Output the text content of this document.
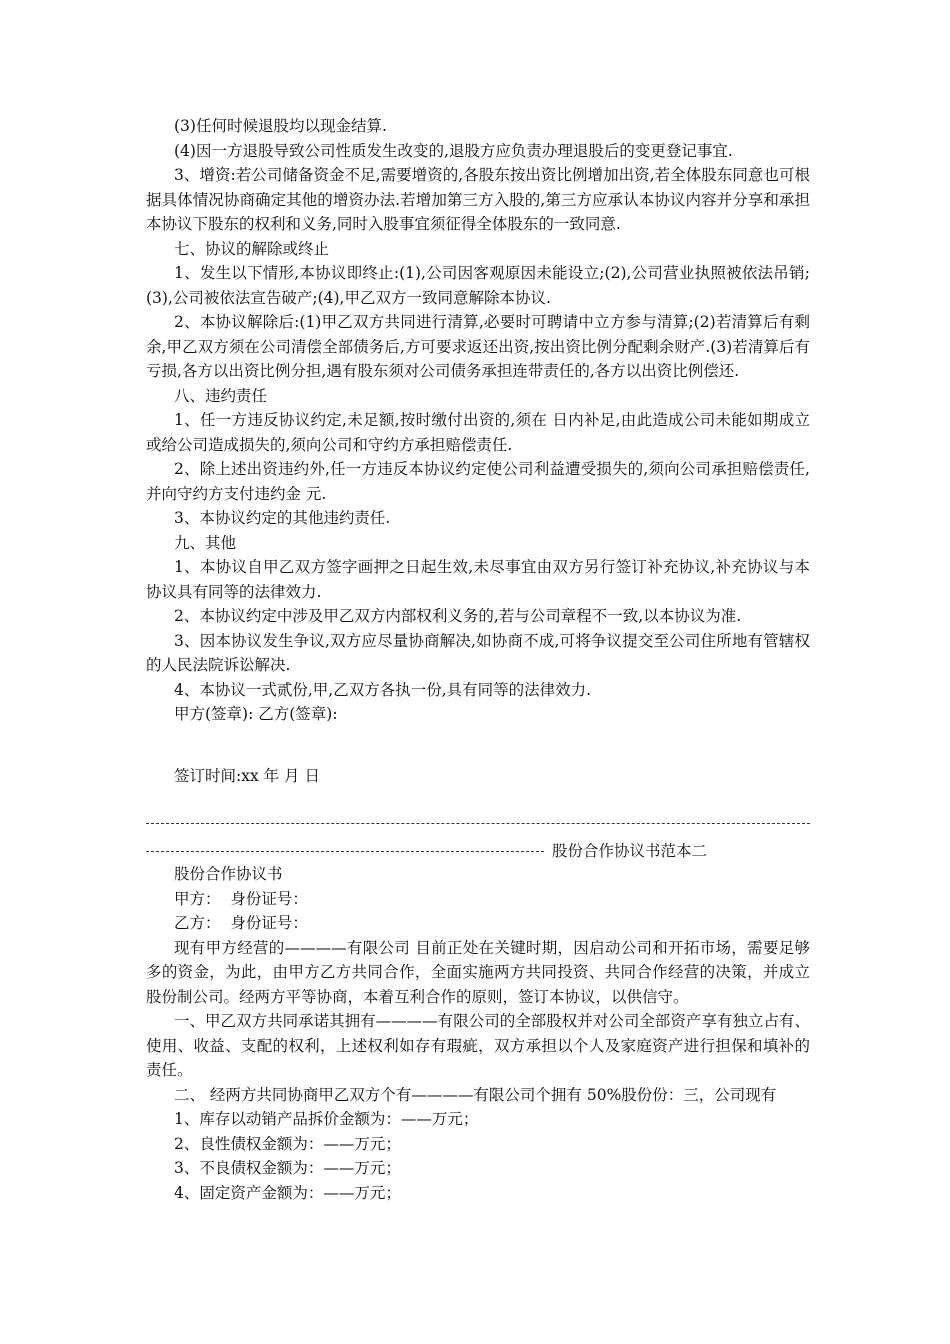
(3)任何时候退股均以现金结算.

(4)因一方退股导致公司性质发生改变的,退股方应负责办理退股后的变更登记事宜.

3、增资:若公司储备资金不足,需要增资的,各股东按出资比例增加出资,若全体股东同意也可根据具体情况协商确定其他的增资办法.若增加第三方入股的,第三方应承认本协议内容并分享和承担本协议下股东的权利和义务,同时入股事宜须征得全体股东的一致同意.

七、协议的解除或终止

1、发生以下情形,本协议即终止:(1),公司因客观原因未能设立;(2),公司营业执照被依法吊销;(3),公司被依法宣告破产;(4),甲乙双方一致同意解除本协议.

2、本协议解除后:(1)甲乙双方共同进行清算,必要时可聘请中立方参与清算;(2)若清算后有剩余,甲乙双方须在公司清偿全部债务后,方可要求返还出资,按出资比例分配剩余财产.(3)若清算后有亏损,各方以出资比例分担,遇有股东须对公司债务承担连带责任的,各方以出资比例偿还.

八、违约责任

1、任一方违反协议约定,未足额,按时缴付出资的,须在 日内补足,由此造成公司未能如期成立或给公司造成损失的,须向公司和守约方承担赔偿责任.

2、除上述出资违约外,任一方违反本协议约定使公司利益遭受损失的,须向公司承担赔偿责任,并向守约方支付违约金 元.

3、本协议约定的其他违约责任.

九、其他

1、本协议自甲乙双方签字画押之日起生效,未尽事宜由双方另行签订补充协议,补充协议与本协议具有同等的法律效力.

2、本协议约定中涉及甲乙双方内部权利义务的,若与公司章程不一致,以本协议为准.

3、因本协议发生争议,双方应尽量协商解决,如协商不成,可将争议提交至公司住所地有管辖权的人民法院诉讼解决.

4、本协议一式贰份,甲,乙双方各执一份,具有同等的法律效力.

甲方(签章): 乙方(签章):

签订时间:xx 年 月 日

股份合作协议书范本二

股份合作协议书

甲方：  身份证号：

乙方：  身份证号：

现有甲方经营的————有限公司 目前正处在关键时期，因启动公司和开拓市场，需要足够多的资金，为此，由甲方乙方共同合作，全面实施两方共同投资、共同合作经营的决策，并成立股份制公司。经两方平等协商，本着互利合作的原则，签订本协议，以供信守。

一、甲乙双方共同承诺其拥有————有限公司的全部股权并对公司全部资产享有独立占有、使用、收益、支配的权利，上述权利如存有瑕疵，双方承担以个人及家庭资产进行担保和填补的责任。

二、 经两方共同协商甲乙双方个有————有限公司个拥有 50%股份份：三，公司现有

1、库存以动销产品拆价金额为：——万元；

2、良性债权金额为：——万元；

3、不良债权金额为：——万元；

4、固定资产金额为：——万元；
